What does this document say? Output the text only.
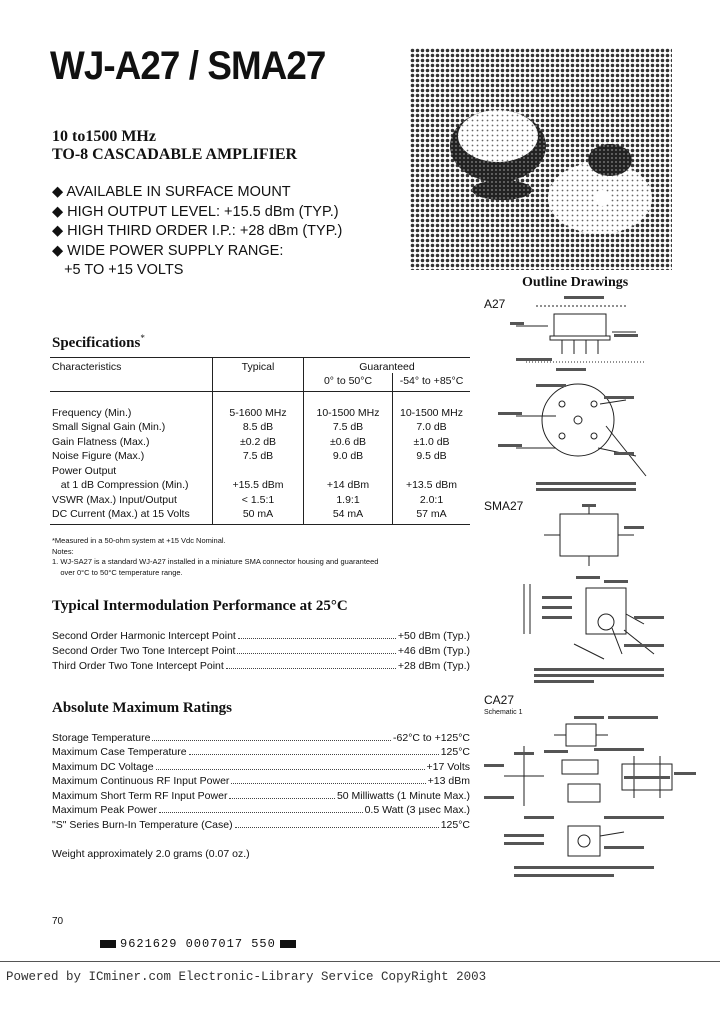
WJ-A27 / SMA27
10 to1500 MHz
TO-8 CASCADABLE AMPLIFIER
◆ AVAILABLE IN SURFACE MOUNT
◆ HIGH OUTPUT LEVEL: +15.5 dBm (TYP.)
◆ HIGH THIRD ORDER I.P.: +28 dBm (TYP.)
◆ WIDE POWER SUPPLY RANGE:
+5 TO +15 VOLTS
Specifications*
Characteristics	Typical	Guaranteed	
		0° to 50°C	-54° to +85°C

Frequency (Min.)	5-1600 MHz	10-1500 MHz	10-1500 MHz
Small Signal Gain (Min.)	8.5 dB	7.5 dB	7.0 dB
Gain Flatness (Max.)	±0.2 dB	±0.6 dB	±1.0 dB
Noise Figure (Max.)	7.5 dB	9.0 dB	9.5 dB
Power Output			
at 1 dB Compression (Min.)	+15.5 dBm	+14 dBm	+13.5 dBm
VSWR (Max.) Input/Output	< 1.5:1	1.9:1	2.0:1
DC Current (Max.) at 15 Volts	50 mA	54 mA	57 mA
*Measured in a 50-ohm system at +15 Vdc Nominal.
Notes:
1. WJ-SA27 is a standard WJ-A27 installed in a miniature SMA connector housing and guaranteed
over 0°C to 50°C temperature range.
Typical Intermodulation Performance at 25°C
Second Order Harmonic Intercept Point	+50 dBm (Typ.)
Second Order Two Tone Intercept Point	+46 dBm (Typ.)
Third Order Two Tone Intercept Point	+28 dBm (Typ.)
Absolute Maximum Ratings
Storage Temperature	-62°C to +125°C
Maximum Case Temperature	125°C
Maximum DC Voltage	+17 Volts
Maximum Continuous RF Input Power	+13 dBm
Maximum Short Term RF Input Power	50 Milliwatts (1 Minute Max.)
Maximum Peak Power	0.5 Watt (3 µsec Max.)
"S" Series Burn-In Temperature (Case)	125°C
Weight approximately 2.0 grams (0.07 oz.)
Outline Drawings
A27
SMA27
CA27
Schematic 1
70
9621629 0007017 550
Powered by ICminer.com Electronic-Library Service CopyRight 2003
